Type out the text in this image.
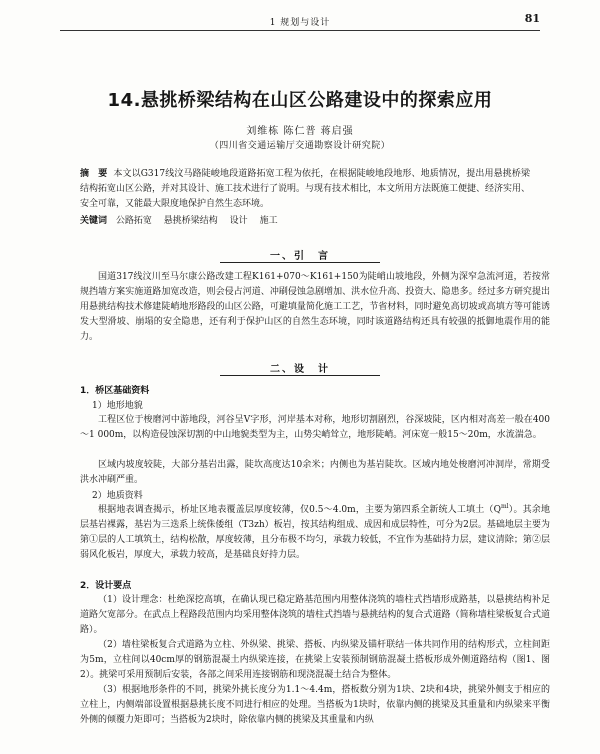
1 规划与设计	81
14.悬挑桥梁结构在山区公路建设中的探索应用
刘维栋 陈仁普 蒋启强
（四川省交通运输厅交通勘察设计研究院）
摘　要 本文以G317线汶马路陡峻地段道路拓宽工程为依托，在根据陡峻地段地形、地质情况，提出用悬挑桥梁结构拓宽山区公路，并对其设计、施工技术进行了说明。与现有技术相比，本文所用方法既施工便捷、经济实用、安全可靠，又能最大限度地保护自然生态环境。
关键词 公路拓宽 悬挑桥梁结构 设计 施工
一、引　言
国道317线汶川至马尔康公路改建工程K161+070～K161+150为陡峭山坡地段，外侧为深窄急流河道，若按常规挡墙方案实施道路加宽改造，则会侵占河道、冲刷侵蚀急剧增加、洪水位升高、投资大、隐患多。经过多方研究提出用悬挑结构技术修建陡峭地形路段的山区公路，可避填量简化施工工艺，节省材料，同时避免高切坡或高填方等可能诱发大型滑坡、崩塌的安全隐患，还有利于保护山区的自然生态环境，同时该道路结构还具有较强的抵御地震作用的能力。
二、设　计
1．桥区基础资料
1）地形地貌
工程区位于梭磨河中游地段，河谷呈V字形，河岸基本对称，地形切割剧烈，谷深坡陡，区内相对高差一般在400～1 000m，以构造侵蚀深切割的中山地貌类型为主，山势尖峭耸立，地形陡峭。河床宽一般15～20m，水流湍急。
区域内坡度较陡，大部分基岩出露，陡坎高度达10余米；内侧也为基岩陡坎。区域内地处梭磨河冲洞岸，常期受洪水冲刷严重。
2）地质资料
根据地表调查揭示，桥址区地表覆盖层厚度较薄，仅0.5～4.0m，主要为第四系全新统人工填土$(Q^{ml})$。其余地层基岩裸露，基岩为三迭系上统侏倭组（T3zh）板岩，按其结构组成、成因和成层特性，可分为2层。基础地层主要为第①层的人工填筑土，结构松散，厚度较薄，且分布极不均匀，承载力较低，不宜作为基础持力层，建议清除；第②层弱风化板岩，厚度大，承载力较高，是基础良好持力层。
2．设计要点
（1）设计理念：杜绝深挖高填，在确认现已稳定路基范围内用整体浇筑的墙柱式挡墙形成路基，以悬挑结构补足道路欠宽部分。在武点上程路段范围内均采用整体浇筑的墙柱式挡墙与悬挑结构的复合式道路（简称墙柱梁板复合式道路）。
（2）墙柱梁板复合式道路为立柱、外纵梁、挑梁、搭板、内纵梁及锚杆联结一体共同作用的结构形式，立柱间距为5m，立柱间以40cm厚的钢筋混凝土内纵梁连接，在挑梁上安装预制钢筋混凝土搭板形成外侧道路结构（图1、图2）。挑梁可采用预制后安装，各部之间采用连接钢筋和现浇混凝土结合为整体。
（3）根据地形条件的不同，挑梁外挑长度分为1.1～4.4m，搭板数分别为1块、2块和4块，挑梁外侧支于相应的立柱上，内侧端部设置根据悬挑长度不同进行相应的处理。当搭板为1块时，依靠内侧的挑梁及其重量和内纵梁来平衡外侧的倾覆力矩即可；当搭板为2块时，除依靠内侧的挑梁及其重量和内纵
